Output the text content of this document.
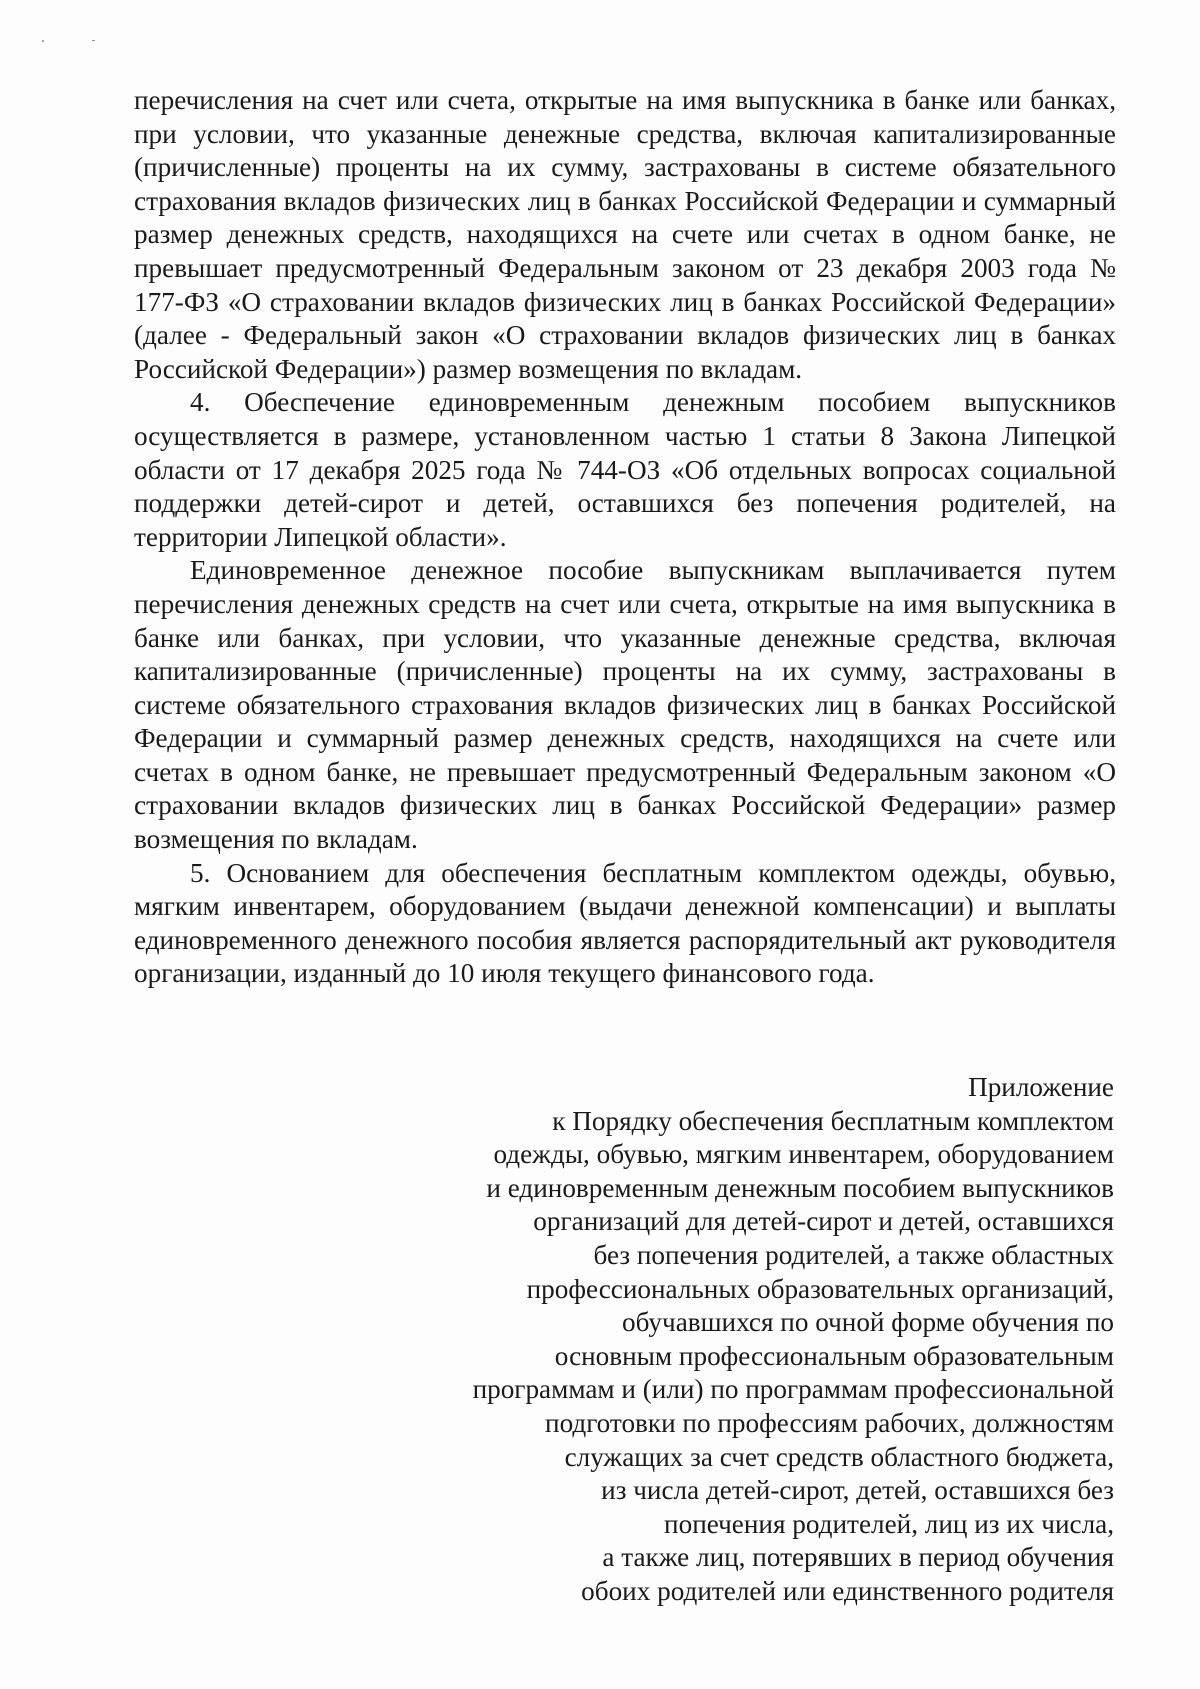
перечисления на счет или счета, открытые на имя выпускника в банке или банках, при условии, что указанные денежные средства, включая капитализированные (причисленные) проценты на их сумму, застрахованы в системе обязательного страхования вкладов физических лиц в банках Российской Федерации и суммарный размер денежных средств, находящихся на счете или счетах в одном банке, не превышает предусмотренный Федеральным законом от 23 декабря 2003 года № 177-ФЗ «О страховании вкладов физических лиц в банках Российской Федерации» (далее - Федеральный закон «О страховании вкладов физических лиц в банках Российской Федерации») размер возмещения по вкладам.

4. Обеспечение единовременным денежным пособием выпускников осуществляется в размере, установленном частью 1 статьи 8 Закона Липецкой области от 17 декабря 2025 года № 744-ОЗ «Об отдельных вопросах социальной поддержки детей-сирот и детей, оставшихся без попечения родителей, на территории Липецкой области».

Единовременное денежное пособие выпускникам выплачивается путем перечисления денежных средств на счет или счета, открытые на имя выпускника в банке или банках, при условии, что указанные денежные средства, включая капитализированные (причисленные) проценты на их сумму, застрахованы в системе обязательного страхования вкладов физических лиц в банках Российской Федерации и суммарный размер денежных средств, находящихся на счете или счетах в одном банке, не превышает предусмотренный Федеральным законом «О страховании вкладов физических лиц в банках Российской Федерации» размер возмещения по вкладам.

5. Основанием для обеспечения бесплатным комплектом одежды, обувью, мягким инвентарем, оборудованием (выдачи денежной компенсации) и выплаты единовременного денежного пособия является распорядительный акт руководителя организации, изданный до 10 июля текущего финансового года.

Приложение
к Порядку обеспечения бесплатным комплектом
одежды, обувью, мягким инвентарем, оборудованием
и единовременным денежным пособием выпускников
организаций для детей-сирот и детей, оставшихся
без попечения родителей, а также областных
профессиональных образовательных организаций,
обучавшихся по очной форме обучения по
основным профессиональным образовательным
программам и (или) по программам профессиональной
подготовки по профессиям рабочих, должностям
служащих за счет средств областного бюджета,
из числа детей-сирот, детей, оставшихся без
попечения родителей, лиц из их числа,
а также лиц, потерявших в период обучения
обоих родителей или единственного родителя
